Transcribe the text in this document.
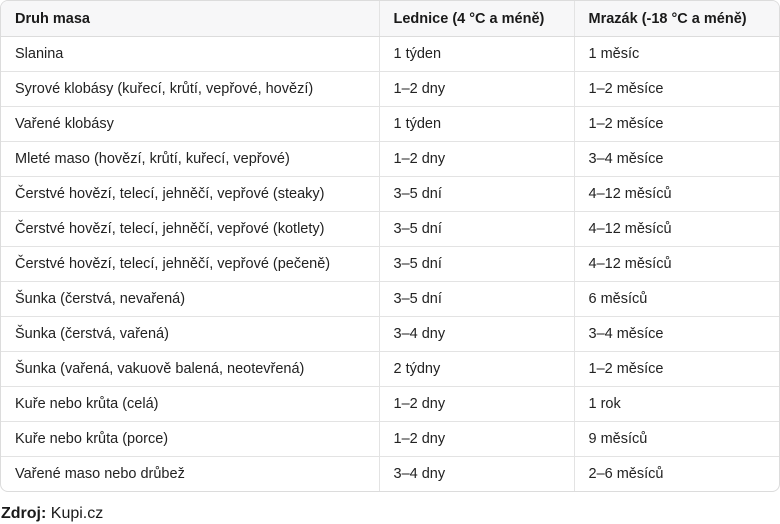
Druh masa	Lednice (4 °C a méně)	Mrazák (-18 °C a méně)
Slanina	1 týden	1 měsíc
Syrové klobásy (kuřecí, krůtí, vepřové, hovězí)	1–2 dny	1–2 měsíce
Vařené klobásy	1 týden	1–2 měsíce
Mleté maso (hovězí, krůtí, kuřecí, vepřové)	1–2 dny	3–4 měsíce
Čerstvé hovězí, telecí, jehněčí, vepřové (steaky)	3–5 dní	4–12 měsíců
Čerstvé hovězí, telecí, jehněčí, vepřové (kotlety)	3–5 dní	4–12 měsíců
Čerstvé hovězí, telecí, jehněčí, vepřové (pečeně)	3–5 dní	4–12 měsíců
Šunka (čerstvá, nevařená)	3–5 dní	6 měsíců
Šunka (čerstvá, vařená)	3–4 dny	3–4 měsíce
Šunka (vařená, vakuově balená, neotevřená)	2 týdny	1–2 měsíce
Kuře nebo krůta (celá)	1–2 dny	1 rok
Kuře nebo krůta (porce)	1–2 dny	9 měsíců
Vařené maso nebo drůbež	3–4 dny	2–6 měsíců
Zdroj: Kupi.cz
